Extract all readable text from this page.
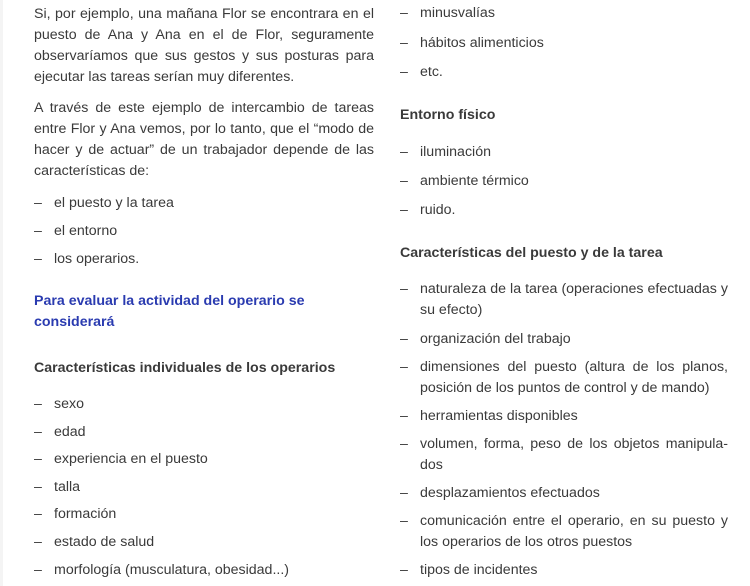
Si, por ejemplo, una mañana Flor se encontrara en el puesto de Ana y Ana en el de Flor, seguramente observaríamos que sus gestos y sus posturas para ejecutar las tareas serían muy diferentes.

A través de este ejemplo de intercambio de tareas entre Flor y Ana vemos, por lo tanto, que el “modo de hacer y de actuar” de un trabajador depende de las características de:

– el puesto y la tarea
– el entorno
– los operarios.

Para evaluar la actividad del operario se considerará

Características individuales de los operarios

– sexo
– edad
– experiencia en el puesto
– talla
– formación
– estado de salud
– morfología (musculatura, obesidad...)
– minusvalías
– hábitos alimenticios
– etc.

Entorno físico

– iluminación
– ambiente térmico
– ruido.

Características del puesto y de la tarea

– naturaleza de la tarea (operaciones efectuadas y su efecto)
– organización del trabajo
– dimensiones del puesto (altura de los planos, posición de los puntos de control y de mando)
– herramientas disponibles
– volumen, forma, peso de los objetos manipula-dos
– desplazamientos efectuados
– comunicación entre el operario, en su puesto y los operarios de los otros puestos
– tipos de incidentes
